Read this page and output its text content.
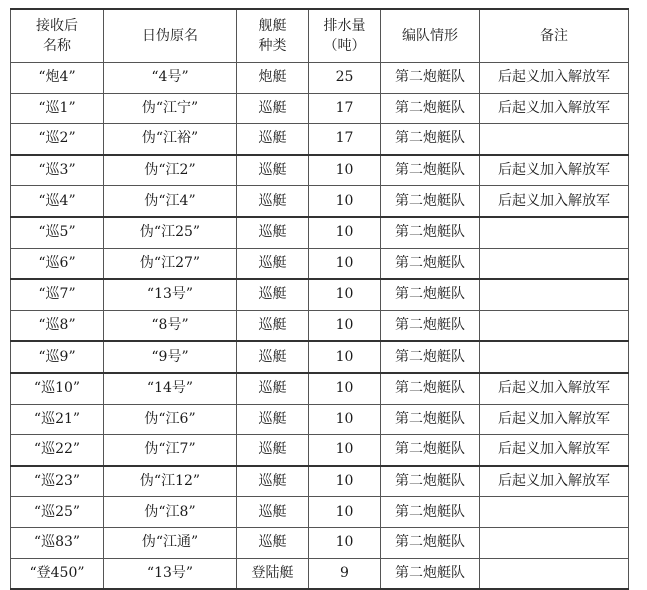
接收后名称	日伪原名	舰艇种类	排水量（吨）	编队情形	备注
“炮4”	“4号”	炮艇	25	第二炮艇队	后起义加入解放军
“巡1”	伪“江宁”	巡艇	17	第二炮艇队	后起义加入解放军
“巡2”	伪“江裕”	巡艇	17	第二炮艇队	
“巡3”	伪“江2”	巡艇	10	第二炮艇队	后起义加入解放军
“巡4”	伪“江4”	巡艇	10	第二炮艇队	后起义加入解放军
“巡5”	伪“江25”	巡艇	10	第二炮艇队	
“巡6”	伪“江27”	巡艇	10	第二炮艇队	
“巡7”	“13号”	巡艇	10	第二炮艇队	
“巡8”	“8号”	巡艇	10	第二炮艇队	
“巡9”	“9号”	巡艇	10	第二炮艇队	
“巡10”	“14号”	巡艇	10	第二炮艇队	后起义加入解放军
“巡21”	伪“江6”	巡艇	10	第二炮艇队	后起义加入解放军
“巡22”	伪“江7”	巡艇	10	第二炮艇队	后起义加入解放军
“巡23”	伪“江12”	巡艇	10	第二炮艇队	后起义加入解放军
“巡25”	伪“江8”	巡艇	10	第二炮艇队	
“巡83”	伪“江通”	巡艇	10	第二炮艇队	
“登450”	“13号”	登陆艇	9	第二炮艇队	
